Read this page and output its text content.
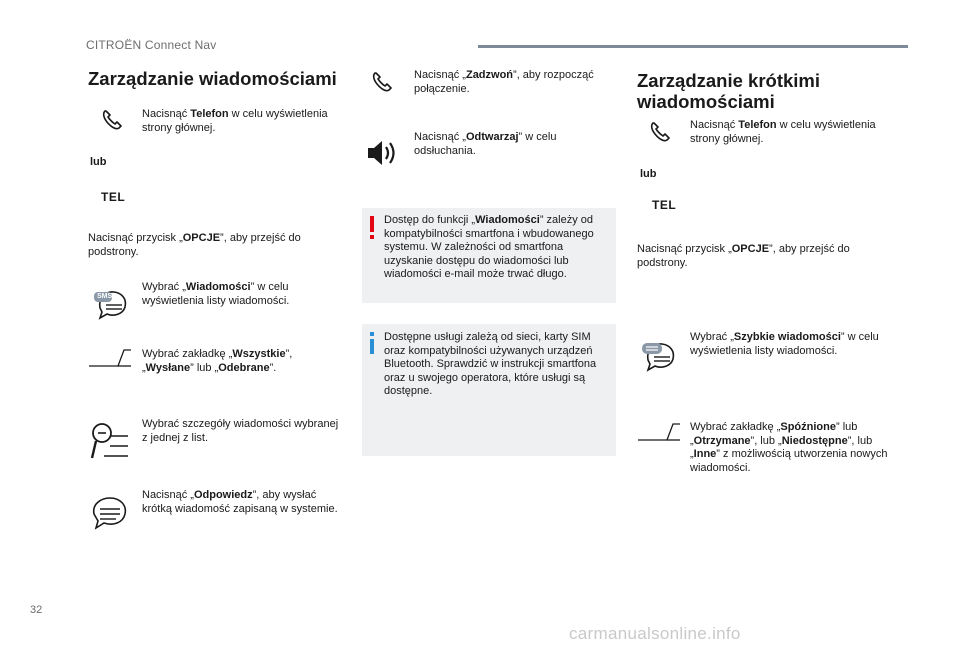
CITROËN Connect Nav
Zarządzanie wiadomościami
Nacisnąć Telefon w celu wyświetlenia strony głównej.
lub
TEL
Nacisnąć przycisk „OPCJE”, aby przejść do podstrony.
SMS
Wybrać „Wiadomości” w celu wyświetlenia listy wiadomości.
Wybrać zakładkę „Wszystkie”, „Wysłane” lub „Odebrane”.
Wybrać szczegóły wiadomości wybranej z jednej z list.
Nacisnąć „Odpowiedz”, aby wysłać krótką wiadomość zapisaną w systemie.
Nacisnąć „Zadzwoń”, aby rozpocząć połączenie.
Nacisnąć „Odtwarzaj” w celu odsłuchania.
Dostęp do funkcji „Wiadomości” zależy od kompatybilności smartfona i wbudowanego systemu. W zależności od smartfona uzyskanie dostępu do wiadomości lub wiadomości e-mail może trwać długo.
Dostępne usługi zależą od sieci, karty SIM oraz kompatybilności używanych urządzeń Bluetooth. Sprawdzić w instrukcji smartfona oraz u swojego operatora, które usługi są dostępne.
Zarządzanie krótkimi
wiadomościami
Nacisnąć Telefon w celu wyświetlenia strony głównej.
lub
TEL
Nacisnąć przycisk „OPCJE”, aby przejść do podstrony.
Wybrać „Szybkie wiadomości” w celu wyświetlenia listy wiadomości.
Wybrać zakładkę „Spóźnione” lub „Otrzymane”, lub „Niedostępne”, lub „Inne” z możliwością utworzenia nowych wiadomości.
32
carmanualsonline.info
